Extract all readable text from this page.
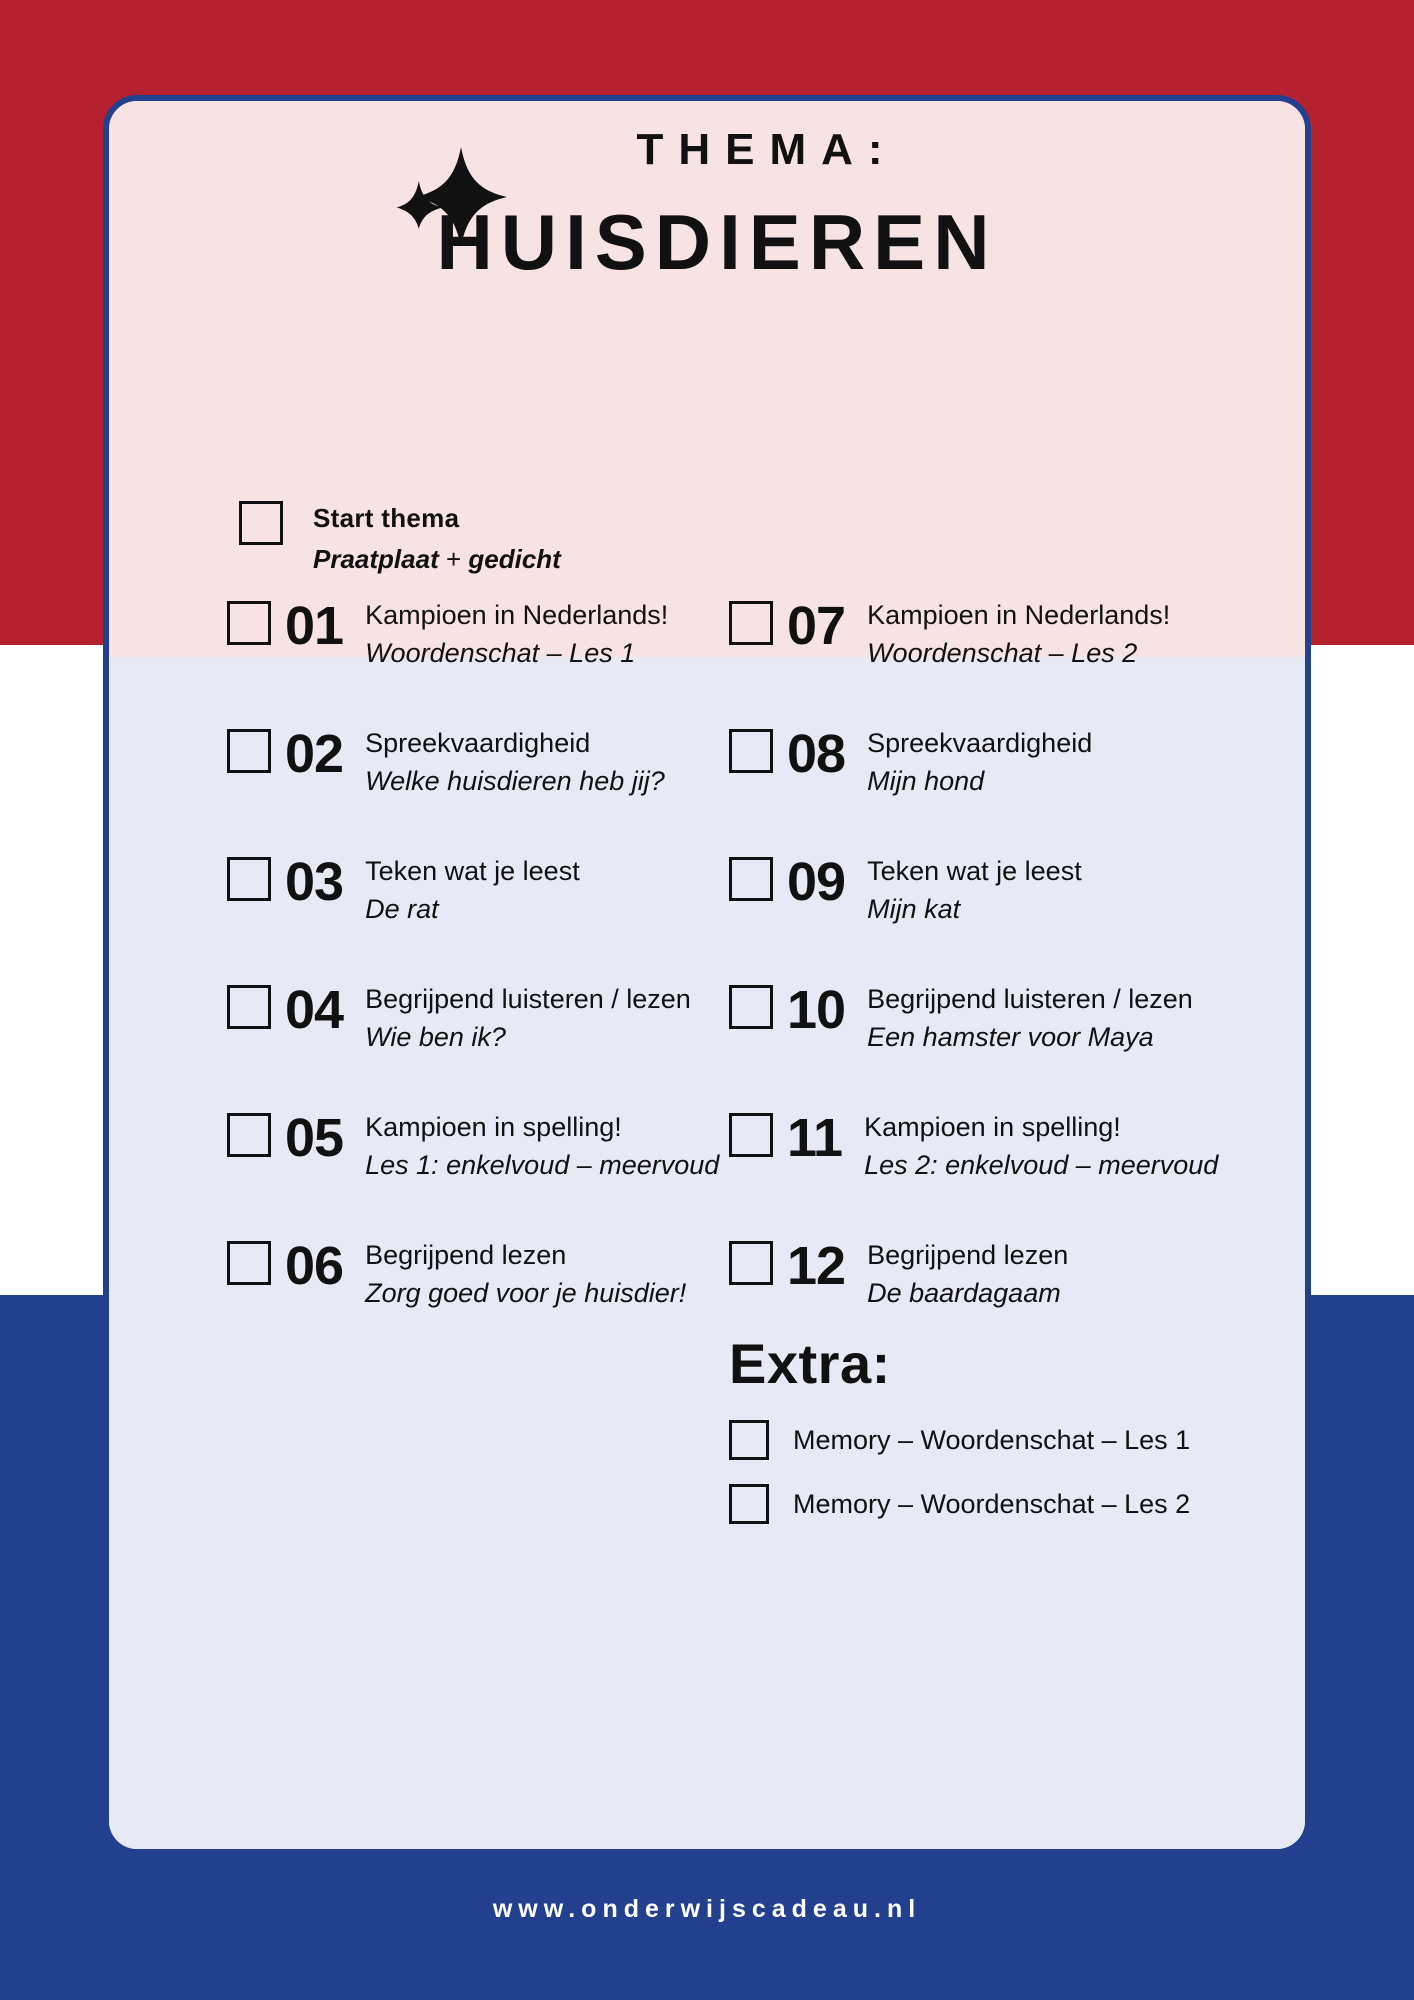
THEMA:
HUISDIEREN
Start thema
Praatplaat + gedicht
01 Kampioen in Nederlands!
Woordenschat – Les 1
02 Spreekvaardigheid
Welke huisdieren heb jij?
03 Teken wat je leest
De rat
04 Begrijpend luisteren / lezen
Wie ben ik?
05 Kampioen in spelling!
Les 1: enkelvoud – meervoud
06 Begrijpend lezen
Zorg goed voor je huisdier!
07 Kampioen in Nederlands!
Woordenschat – Les 2
08 Spreekvaardigheid
Mijn hond
09 Teken wat je leest
Mijn kat
10 Begrijpend luisteren / lezen
Een hamster voor Maya
11 Kampioen in spelling!
Les 2: enkelvoud – meervoud
12 Begrijpend lezen
De baardagaam
Extra:
Memory – Woordenschat – Les 1
Memory – Woordenschat – Les 2
www.onderwijscadeau.nl
